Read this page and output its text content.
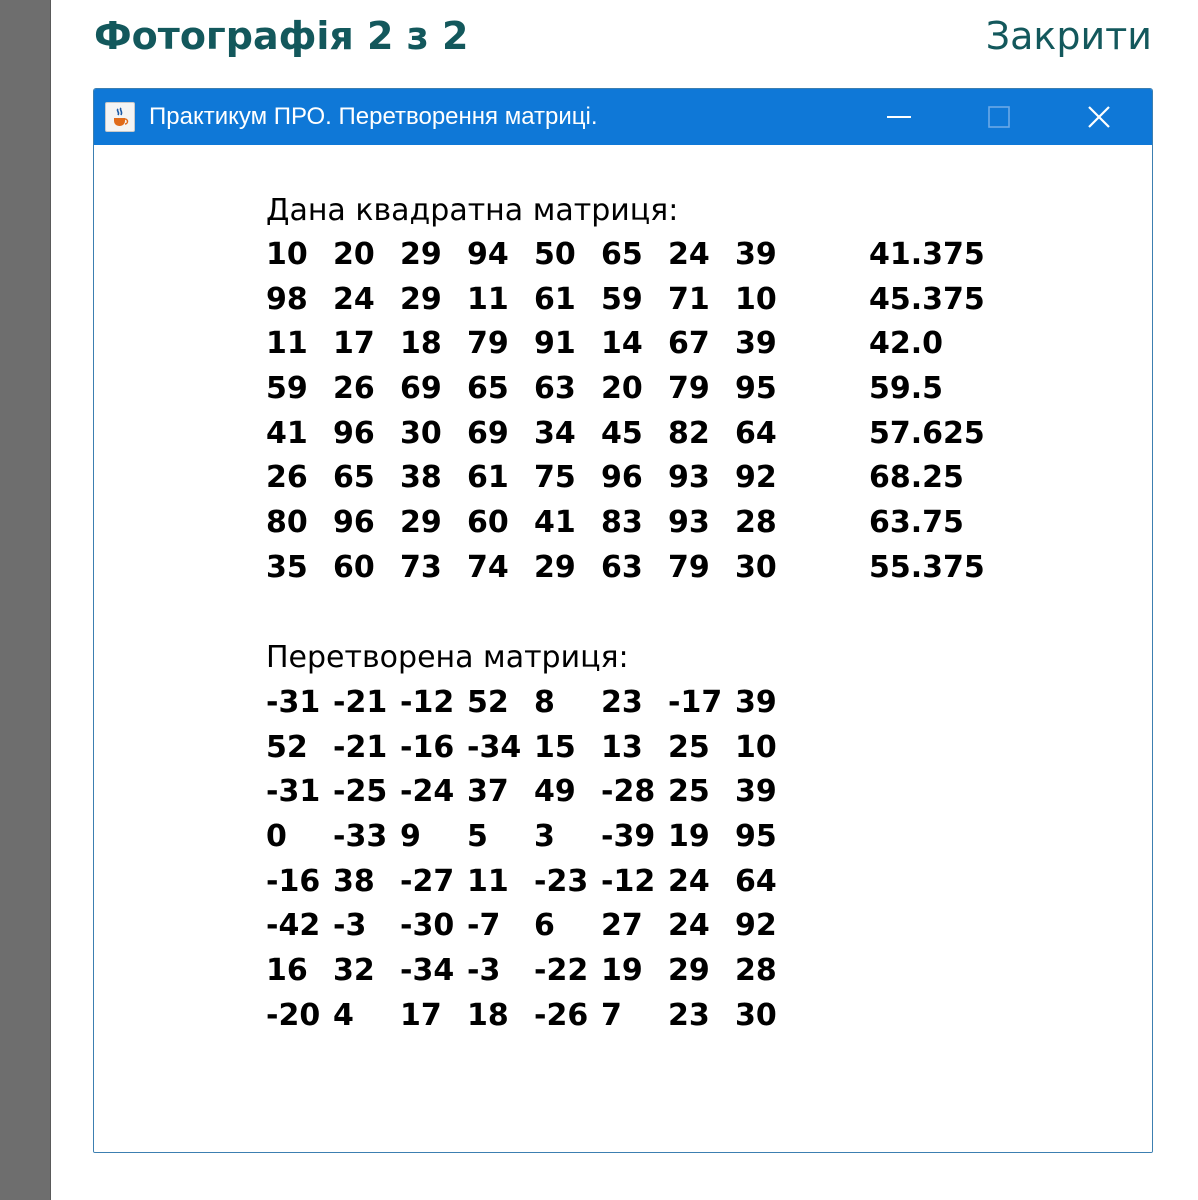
Фотографія 2 з 2	Закрити
Практикум ПРО. Перетворення матриці.
Дана квадратна матриця:
10 20 29 94 50 65 24 39	41.375
98 24 29 11 61 59 71 10	45.375
11 17 18 79 91 14 67 39	42.0
59 26 69 65 63 20 79 95	59.5
41 96 30 69 34 45 82 64	57.625
26 65 38 61 75 96 93 92	68.25
80 96 29 60 41 83 93 28	63.75
35 60 73 74 29 63 79 30	55.375
Перетворена матриця:
-31 -21 -12 52 8	23 -17 39
52 -21 -16 -34 15 13 25 10
-31 -25 -24 37 49 -28 25 39
0	-33 9	5	3	-39 19 95
-16 38 -27 11 -23 -12 24 64
-42 -3	-30 -7	6	27 24 92
16 32 -34 -3	-22 19 29 28
-20 4	17 18 -26 7	23 30
